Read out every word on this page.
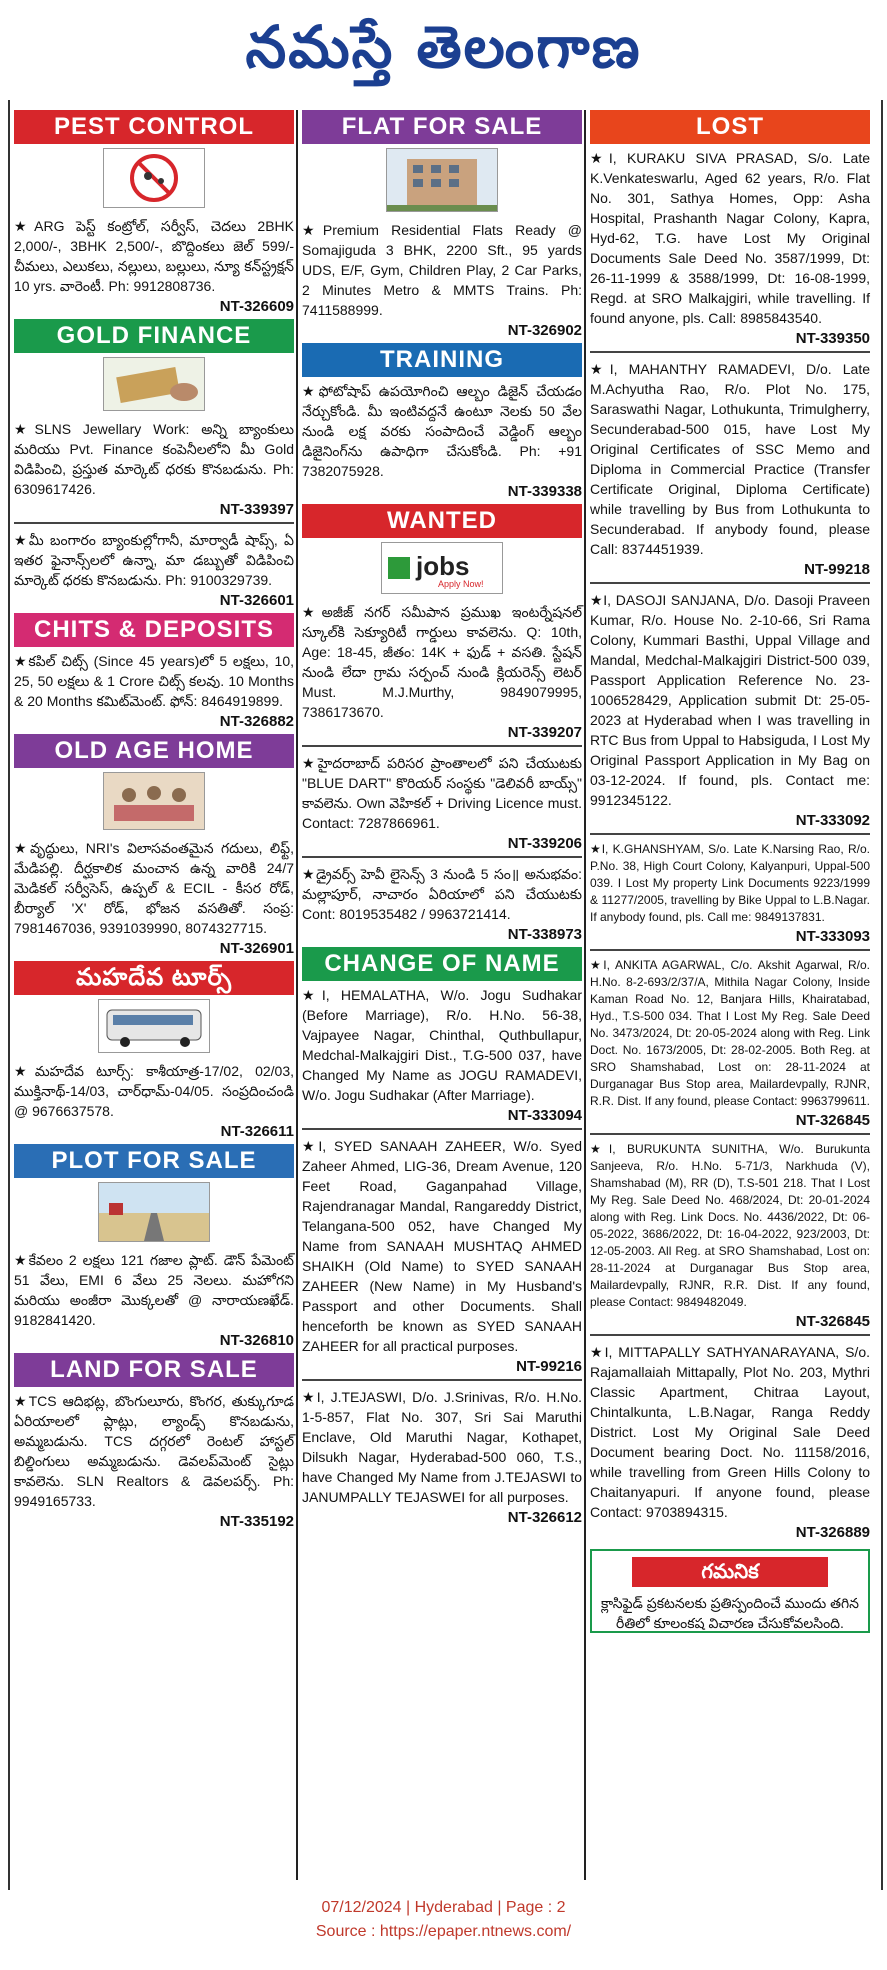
నమస్తే తెలంగాణ
PEST CONTROL

★ARG పెస్ట్ కంట్రోల్, సర్వీస్, చెదలు 2BHK 2,000/-, 3BHK 2,500/-, బొద్దింకలు జెల్ 599/- చీమలు, ఎలుకలు, నల్లులు, బల్లులు, న్యూ కన్‌స్ట్రక్షన్ 10 yrs. వారెంటీ. Ph: 9912808736.

NT-326609

GOLD FINANCE

★SLNS Jewellary Work: అన్ని బ్యాంకులు మరియు Pvt. Finance కంపెనీలలోని మీ Gold విడిపించి, ప్రస్తుత మార్కెట్ ధరకు కొనబడును. Ph: 6309617426.

NT-339397

★మీ బంగారం బ్యాంకుల్లోగానీ, మార్వాడీ షాప్స్, ఏ ఇతర ఫైనాన్స్‌లలో ఉన్నా, మా డబ్బుతో విడిపించి మార్కెట్ ధరకు కొనబడును. Ph: 9100329739.

NT-326601

CHITS & DEPOSITS

★కపిల్ చిట్స్ (Since 45 years)లో 5 లక్షలు, 10, 25, 50 లక్షలు & 1 Crore చిట్స్ కలవు. 10 Months & 20 Months కమిట్‌మెంట్. ఫోన్: 8464919899.

NT-326882

OLD AGE HOME

★వృద్ధులు, NRI's విలాసవంతమైన గదులు, లిఫ్ట్, మేడిపల్లి. దీర్ఘకాలిక మంచాన ఉన్న వారికి 24/7 మెడికల్ సర్వీసెస్, ఉప్పల్ & ECIL - కీసర రోడ్, బీర్యాల్ 'X' రోడ్, భోజన వసతితో. సంప్ర: 7981467036, 9391039990, 8074327715.

NT-326901

మహదేవ టూర్స్

★మహదేవ టూర్స్: కాశీయాత్ర-17/02, 02/03, ముక్తినాథ్-14/03, చార్‌ధామ్-04/05. సంప్రదించండి @ 9676637578.

NT-326611

PLOT FOR SALE

★కేవలం 2 లక్షలు 121 గజాల ప్లాట్. డౌన్ పేమెంట్ 51 వేలు, EMI 6 వేలు 25 నెలలు. మహోగని మరియు అంజీరా మొక్కలతో @ నారాయణఖేడ్. 9182841420.

NT-326810

LAND FOR SALE

★TCS ఆదిభట్ల, బొంగులూరు, కొంగర, తుక్కుగూడ ఏరియాలలో ప్లాట్లు, ల్యాండ్స్ కొనబడును, అమ్మబడును. TCS దగ్గరలో రెంటల్ హాస్టల్ బిల్డింగులు అమ్మబడును. డెవలప్‌మెంట్ సైట్లు కావలెను. SLN Realtors & డెవలపర్స్. Ph: 9949165733.

NT-335192

FLAT FOR SALE

★Premium Residential Flats Ready @ Somajiguda 3 BHK, 2200 Sft., 95 yards UDS, E/F, Gym, Children Play, 2 Car Parks, 2 Minutes Metro & MMTS Trains. Ph: 7411588999.

NT-326902

TRAINING

★ఫోటోషాప్ ఉపయోగించి ఆల్బం డిజైన్ చేయడం నేర్చుకోండి. మీ ఇంటివద్దనే ఉంటూ నెలకు 50 వేల నుండి లక్ష వరకు సంపాదించే వెడ్డింగ్ ఆల్బం డిజైనింగ్‌ను ఉపాధిగా చేసుకోండి. Ph: +91 7382075928.

NT-339338

WANTED
jobs
Apply Now!

★అజీజ్ నగర్ సమీపాన ప్రముఖ ఇంటర్నేషనల్ స్కూల్‌కి సెక్యూరిటీ గార్డులు కావలెను. Q: 10th, Age: 18-45, జీతం: 14K + ఫుడ్ + వసతి. స్టేషన్ నుండి లేదా గ్రామ సర్పంచ్ నుండి క్లియరెన్స్ లెటర్ Must. M.J.Murthy, 9849079995, 7386173670.

NT-339207

★హైదరాబాద్ పరిసర ప్రాంతాలలో పని చేయుటకు "BLUE DART" కొరియర్ సంస్థకు "డెలివరీ బాయ్స్" కావలెను. Own వెహికల్ + Driving Licence must. Contact: 7287866961.

NT-339206

★డ్రైవర్స్ హెవీ లైసెన్స్ 3 నుండి 5 సం॥ అనుభవం: మల్లాపూర్, నాచారం ఏరియాలో పని చేయుటకు Cont: 8019535482 / 9963721414.

NT-338973

CHANGE OF NAME

★I, HEMALATHA, W/o. Jogu Sudhakar (Before Marriage), R/o. H.No. 56-38, Vajpayee Nagar, Chinthal, Quthbullapur, Medchal-Malkajgiri Dist., T.G-500 037, have Changed My Name as JOGU RAMADEVI, W/o. Jogu Sudhakar (After Marriage).

NT-333094

★I, SYED SANAAH ZAHEER, W/o. Syed Zaheer Ahmed, LIG-36, Dream Avenue, 120 Feet Road, Gaganpahad Village, Rajendranagar Mandal, Rangareddy District, Telangana-500 052, have Changed My Name from SANAAH MUSHTAQ AHMED SHAIKH (Old Name) to SYED SANAAH ZAHEER (New Name) in My Husband's Passport and other Documents. Shall henceforth be known as SYED SANAAH ZAHEER for all practical purposes.

NT-99216

★I, J.TEJASWI, D/o. J.Srinivas, R/o. H.No. 1-5-857, Flat No. 307, Sri Sai Maruthi Enclave, Old Maruthi Nagar, Kothapet, Dilsukh Nagar, Hyderabad-500 060, T.S., have Changed My Name from J.TEJASWI to JANUMPALLY TEJASWEI for all purposes.

NT-326612

LOST

★I, KURAKU SIVA PRASAD, S/o. Late K.Venkateswarlu, Aged 62 years, R/o. Flat No. 301, Sathya Homes, Opp: Asha Hospital, Prashanth Nagar Colony, Kapra, Hyd-62, T.G. have Lost My Original Documents Sale Deed No. 3587/1999, Dt: 26-11-1999 & 3588/1999, Dt: 16-08-1999, Regd. at SRO Malkajgiri, while travelling. If found anyone, pls. Call: 8985843540.

NT-339350

★I, MAHANTHY RAMADEVI, D/o. Late M.Achyutha Rao, R/o. Plot No. 175, Saraswathi Nagar, Lothukunta, Trimulgherry, Secunderabad-500 015, have Lost My Original Certificates of SSC Memo and Diploma in Commercial Practice (Transfer Certificate Original, Diploma Certificate) while travelling by Bus from Lothukunta to Secunderabad. If anybody found, please Call: 8374451939.

NT-99218

★I, DASOJI SANJANA, D/o. Dasoji Praveen Kumar, R/o. House No. 2-10-66, Sri Rama Colony, Kummari Basthi, Uppal Village and Mandal, Medchal-Malkajgiri District-500 039, Passport Application Reference No. 23-1006528429, Application submit Dt: 25-05-2023 at Hyderabad when I was travelling in RTC Bus from Uppal to Habsiguda, I Lost My Original Passport Application in My Bag on 03-12-2024. If found, pls. Contact me: 9912345122.

NT-333092

★I, K.GHANSHYAM, S/o. Late K.Narsing Rao, R/o. P.No. 38, High Court Colony, Kalyanpuri, Uppal-500 039. I Lost My property Link Documents 9223/1999 & 11277/2005, travelling by Bike Uppal to L.B.Nagar. If anybody found, pls. Call me: 9849137831.

NT-333093

★I, ANKITA AGARWAL, C/o. Akshit Agarwal, R/o. H.No. 8-2-693/2/37/A, Mithila Nagar Colony, Inside Kaman Road No. 12, Banjara Hills, Khairatabad, Hyd., T.S-500 034. That I Lost My Reg. Sale Deed No. 3473/2024, Dt: 20-05-2024 along with Reg. Link Doct. No. 1673/2005, Dt: 28-02-2005. Both Reg. at SRO Shamshabad, Lost on: 28-11-2024 at Durganagar Bus Stop area, Mailardevpally, RJNR, R.R. Dist. If any found, please Contact: 9963799611.

NT-326845

★I, BURUKUNTA SUNITHA, W/o. Burukunta Sanjeeva, R/o. H.No. 5-71/3, Narkhuda (V), Shamshabad (M), RR (D), T.S-501 218. That I Lost My Reg. Sale Deed No. 468/2024, Dt: 20-01-2024 along with Reg. Link Docs. No. 4436/2022, Dt: 06-05-2022, 3686/2022, Dt: 16-04-2022, 923/2003, Dt: 12-05-2003. All Reg. at SRO Shamshabad, Lost on: 28-11-2024 at Durganagar Bus Stop area, Mailardevpally, RJNR, R.R. Dist. If any found, please Contact: 9849482049.

NT-326845

★I, MITTAPALLY SATHYANARAYANA, S/o. Rajamallaiah Mittapally, Plot No. 203, Mythri Classic Apartment, Chitraa Layout, Chintalkunta, L.B.Nagar, Ranga Reddy District. Lost My Original Sale Deed Document bearing Doct. No. 11158/2016, while travelling from Green Hills Colony to Chaitanyapuri. If anyone found, please Contact: 9703894315.

NT-326889

గమనిక
క్లాసిఫైడ్ ప్రకటనలకు ప్రతిస్పందించే ముందు తగిన రీతిలో కూలంకష విచారణ చేసుకోవలసింది.
07/12/2024 | Hyderabad | Page : 2
Source : https://epaper.ntnews.com/
